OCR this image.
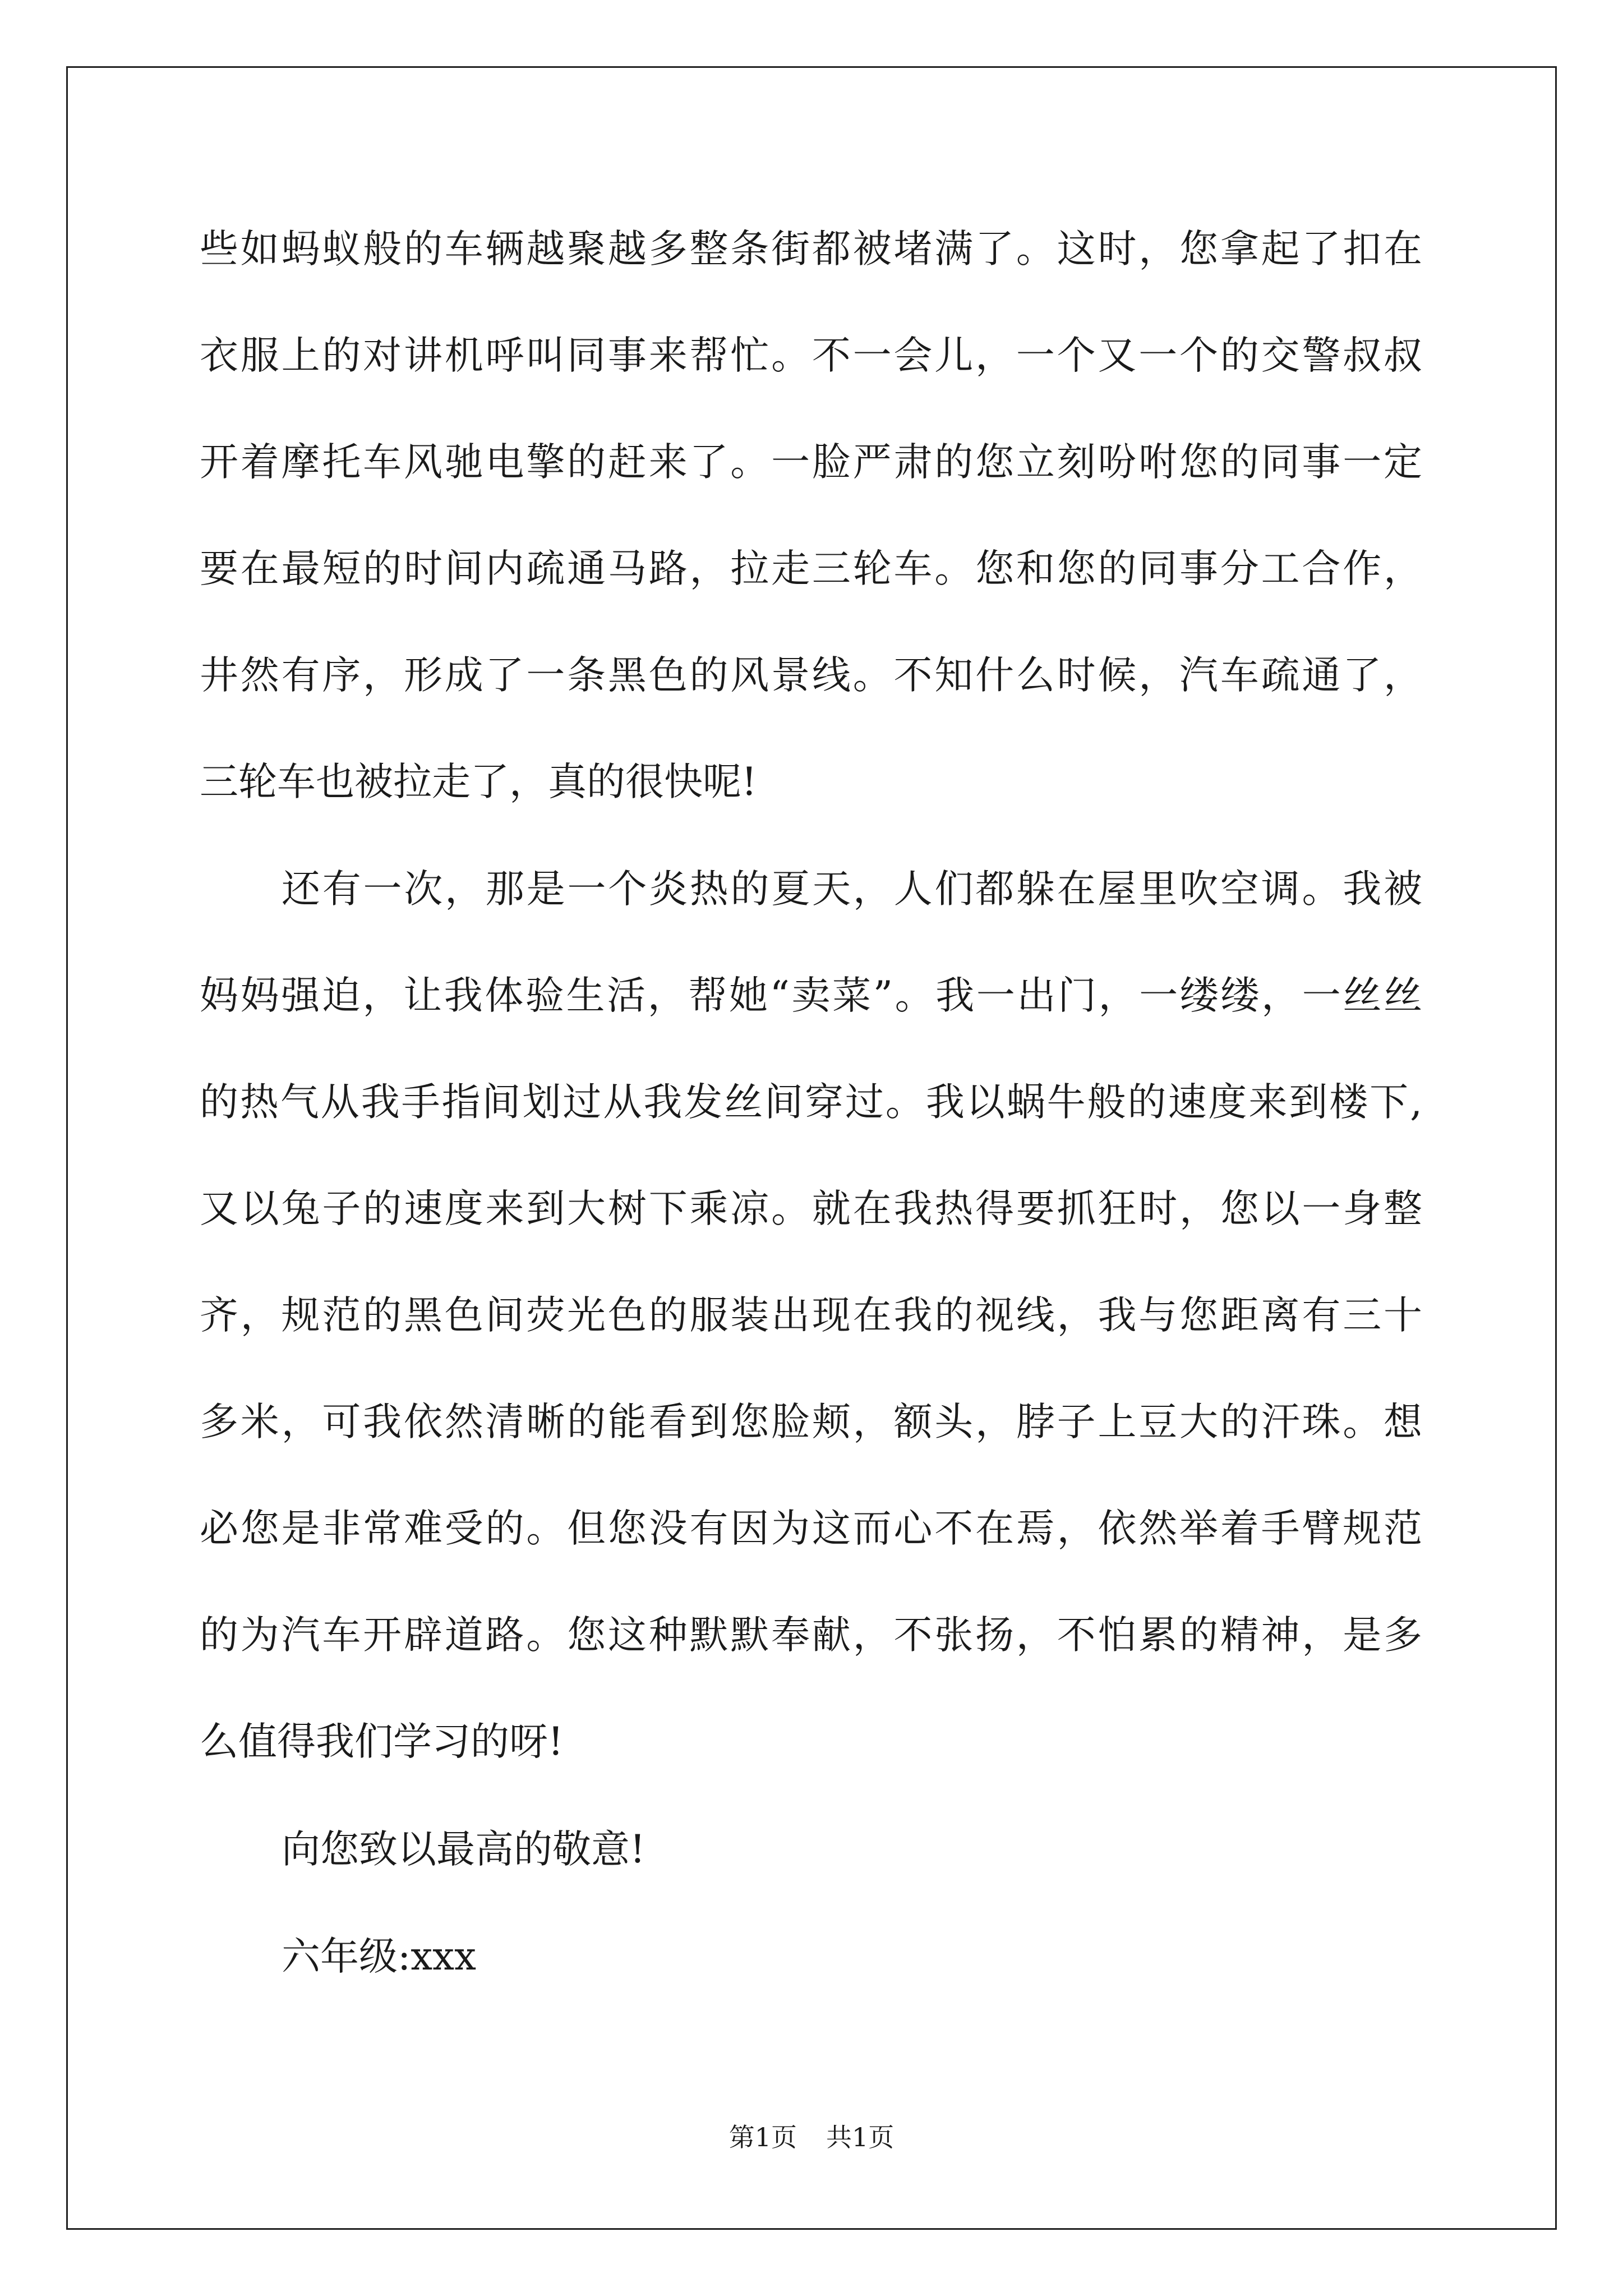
些如蚂蚁般的车辆越聚越多整条街都被堵满了。这时，您拿起了扣在
衣服上的对讲机呼叫同事来帮忙。不一会儿，一个又一个的交警叔叔
开着摩托车风驰电擎的赶来了。一脸严肃的您立刻吩咐您的同事一定
要在最短的时间内疏通马路，拉走三轮车。您和您的同事分工合作，
井然有序，形成了一条黑色的风景线。不知什么时候，汽车疏通了，
三轮车也被拉走了，真的很快呢!
还有一次，那是一个炎热的夏天，人们都躲在屋里吹空调。我被
妈妈强迫，让我体验生活，帮她“卖菜”。我一出门，一缕缕，一丝丝
的热气从我手指间划过从我发丝间穿过。我以蜗牛般的速度来到楼下,
又以兔子的速度来到大树下乘凉。就在我热得要抓狂时，您以一身整
齐，规范的黑色间荧光色的服装出现在我的视线，我与您距离有三十
多米，可我依然清晰的能看到您脸颊，额头，脖子上豆大的汗珠。想
必您是非常难受的。但您没有因为这而心不在焉，依然举着手臂规范
的为汽车开辟道路。您这种默默奉献，不张扬，不怕累的精神，是多
么值得我们学习的呀!
向您致以最高的敬意!
六年级:xxx
第1页 共1页
